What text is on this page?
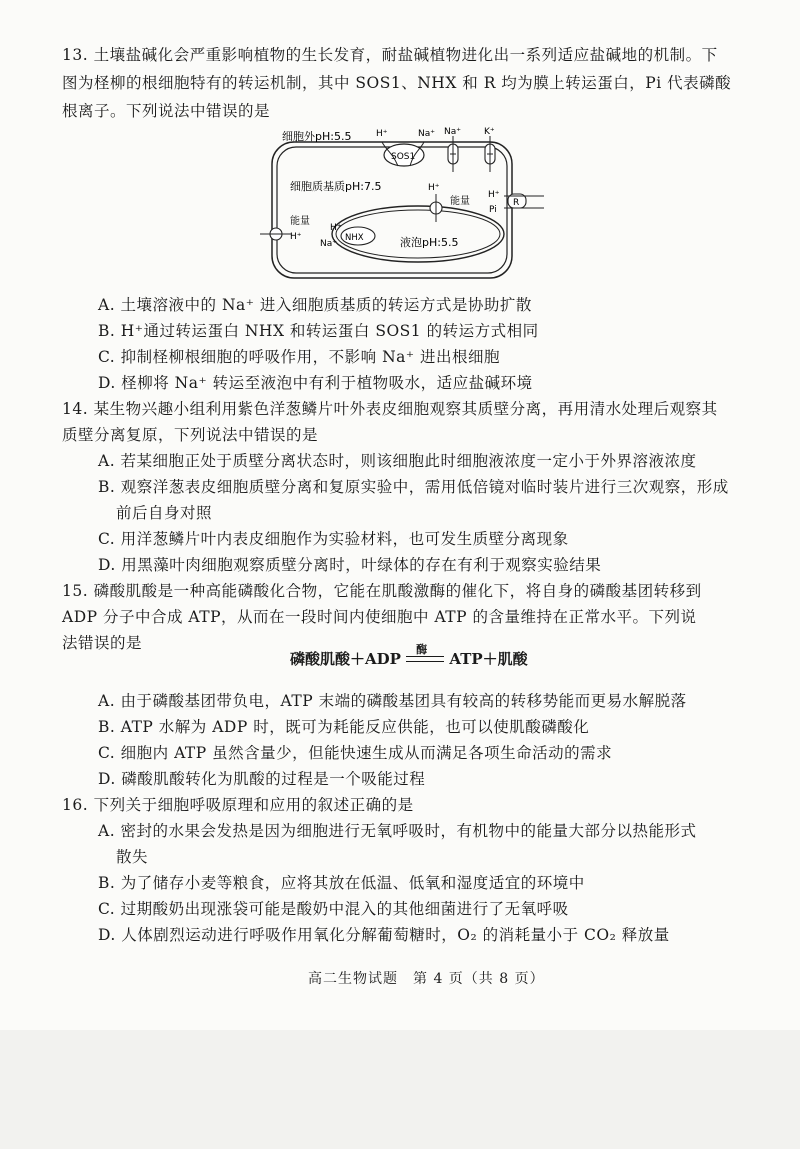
13. 土壤盐碱化会严重影响植物的生长发育，耐盐碱植物进化出一系列适应盐碱地的机制。下
图为柽柳的根细胞特有的转运机制，其中 SOS1、NHX 和 R 均为膜上转运蛋白，Pi 代表磷酸
根离子。下列说法中错误的是
细胞外pH:5.5
细胞质基质pH:7.5
液泡pH:5.5
SOS1
H⁺	Na⁺ Na⁺	K⁺
R
H⁺
Pi
H⁺
能量
NHX
H⁺
Na⁺
H⁺
能量
A. 土壤溶液中的 Na⁺ 进入细胞质基质的转运方式是协助扩散
B. H⁺通过转运蛋白 NHX 和转运蛋白 SOS1 的转运方式相同
C. 抑制柽柳根细胞的呼吸作用，不影响 Na⁺ 进出根细胞
D. 柽柳将 Na⁺ 转运至液泡中有利于植物吸水，适应盐碱环境
14. 某生物兴趣小组利用紫色洋葱鳞片叶外表皮细胞观察其质壁分离，再用清水处理后观察其
质壁分离复原，下列说法中错误的是
A. 若某细胞正处于质壁分离状态时，则该细胞此时细胞液浓度一定小于外界溶液浓度
B. 观察洋葱表皮细胞质壁分离和复原实验中，需用低倍镜对临时装片进行三次观察，形成
前后自身对照
C. 用洋葱鳞片叶内表皮细胞作为实验材料，也可发生质壁分离现象
D. 用黑藻叶肉细胞观察质壁分离时，叶绿体的存在有利于观察实验结果
15. 磷酸肌酸是一种高能磷酸化合物，它能在肌酸激酶的催化下，将自身的磷酸基团转移到
ADP 分子中合成 ATP，从而在一段时间内使细胞中 ATP 的含量维持在正常水平。下列说
法错误的是
磷酸肌酸＋ADP
酶
ATP＋肌酸
A. 由于磷酸基团带负电，ATP 末端的磷酸基团具有较高的转移势能而更易水解脱落
B. ATP 水解为 ADP 时，既可为耗能反应供能，也可以使肌酸磷酸化
C. 细胞内 ATP 虽然含量少，但能快速生成从而满足各项生命活动的需求
D. 磷酸肌酸转化为肌酸的过程是一个吸能过程
16. 下列关于细胞呼吸原理和应用的叙述正确的是
A. 密封的水果会发热是因为细胞进行无氧呼吸时，有机物中的能量大部分以热能形式
散失
B. 为了储存小麦等粮食，应将其放在低温、低氧和湿度适宜的环境中
C. 过期酸奶出现涨袋可能是酸奶中混入的其他细菌进行了无氧呼吸
D. 人体剧烈运动进行呼吸作用氧化分解葡萄糖时，O₂ 的消耗量小于 CO₂ 释放量
高二生物试题　第 4 页（共 8 页）
